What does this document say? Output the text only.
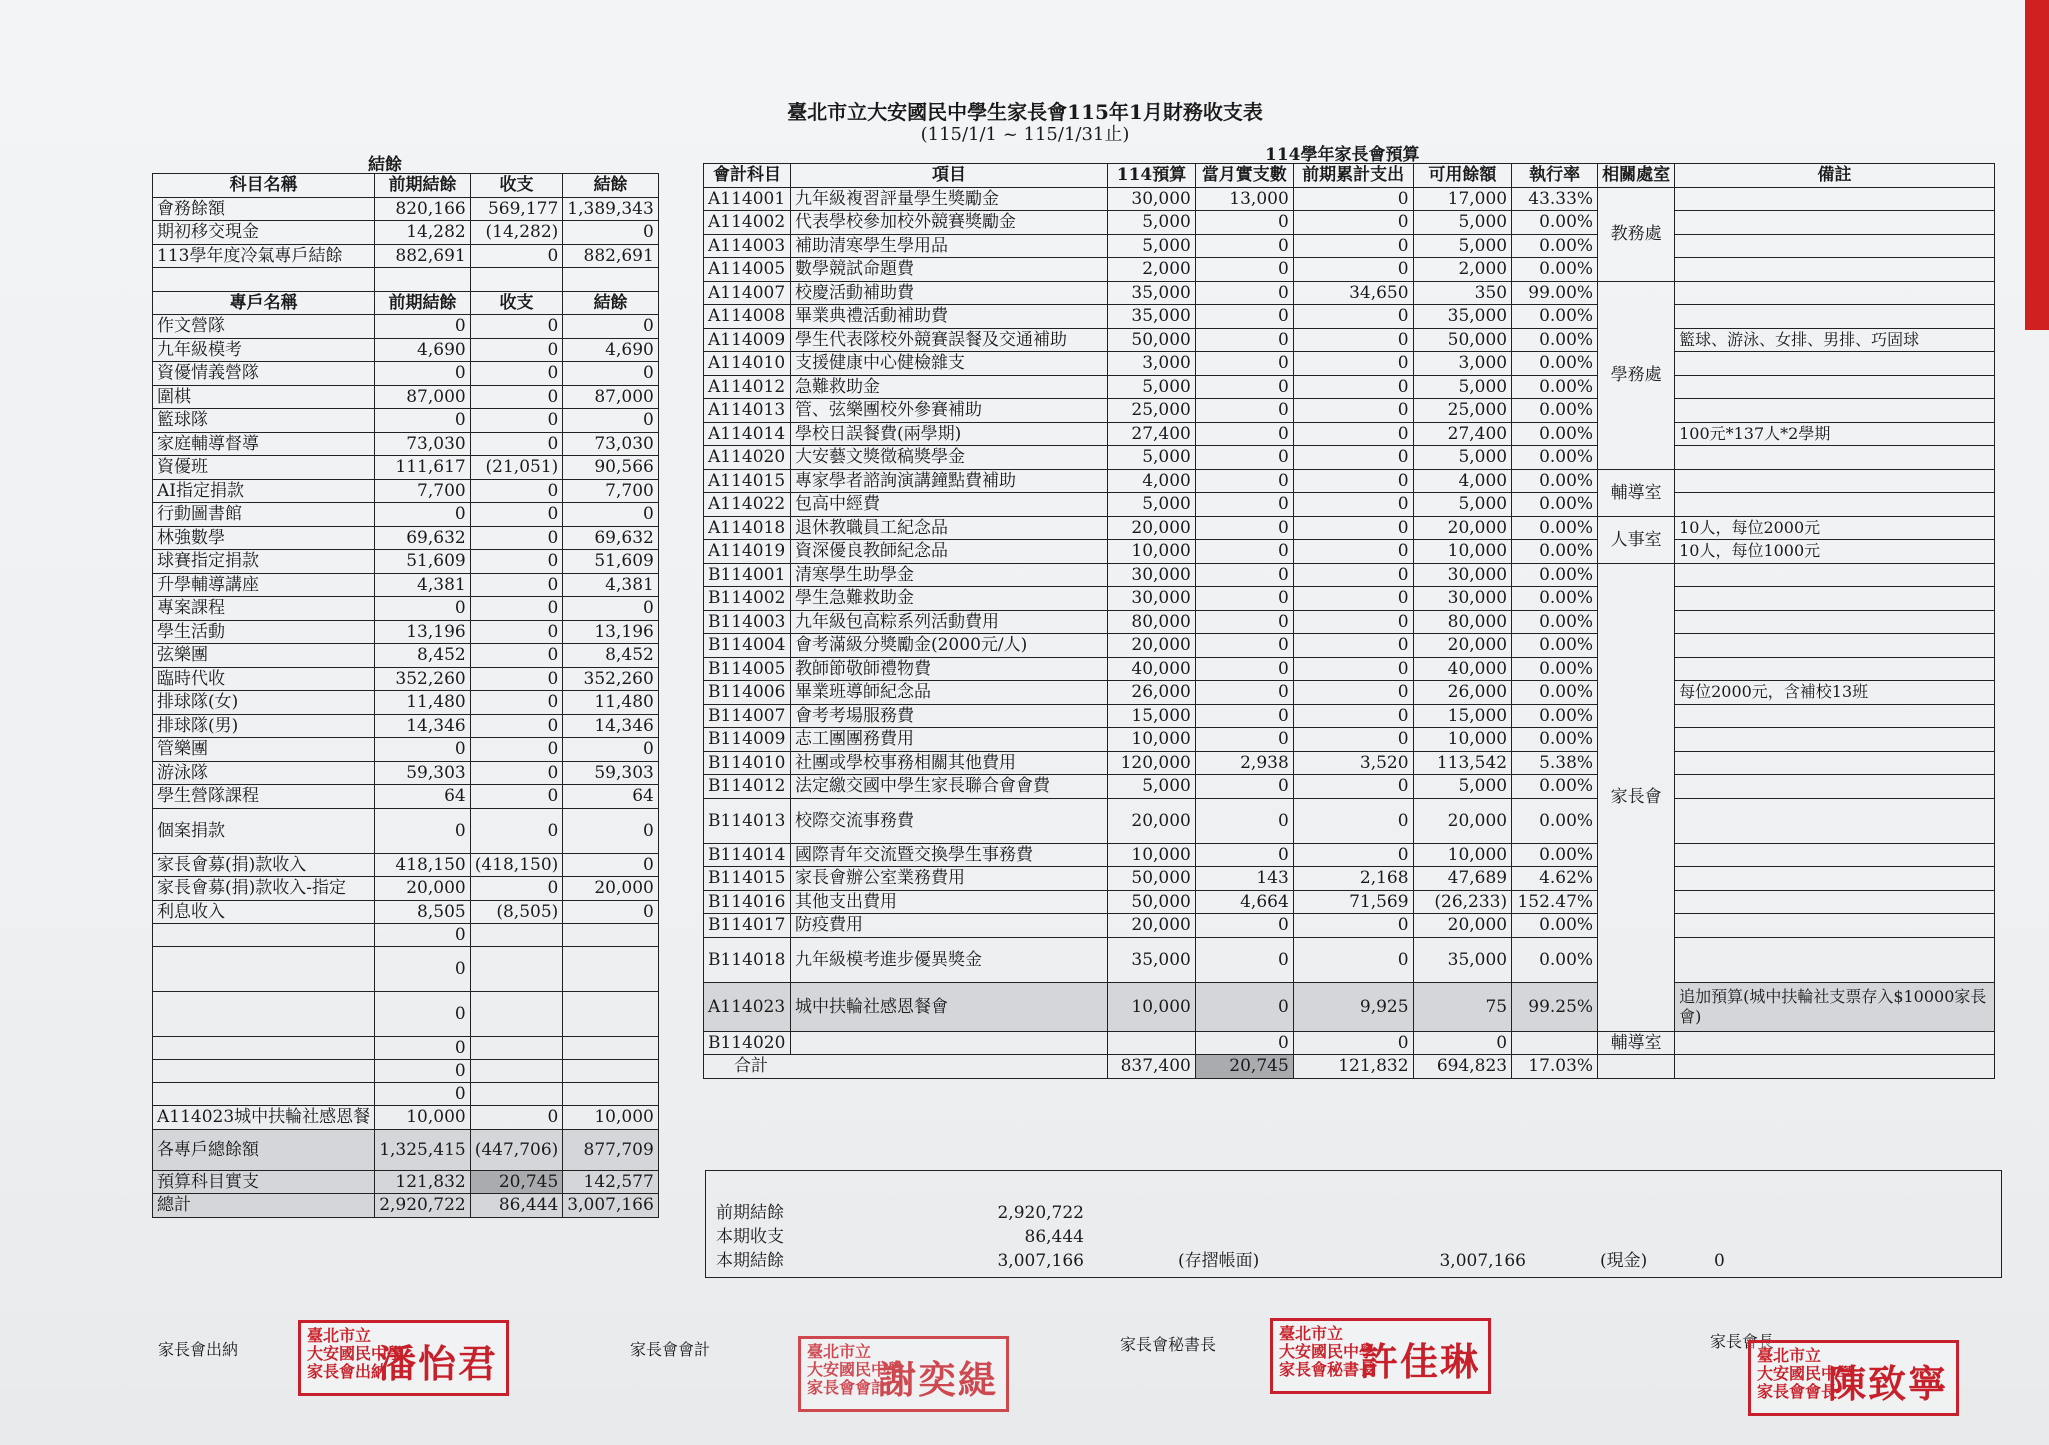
臺北市立大安國民中學生家長會115年1月財務收支表
(115/1/1 ~ 115/1/31止)
結餘
科目名稱	前期結餘	收支	結餘
會務餘額	820,166	569,177	1,389,343
期初移交現金	14,282	(14,282)	0
113學年度冷氣專戶結餘	882,691	0	882,691

專戶名稱	前期結餘	收支	結餘
作文營隊	0	0	0
九年級模考	4,690	0	4,690
資優情義營隊	0	0	0
圍棋	87,000	0	87,000
籃球隊	0	0	0
家庭輔導督導	73,030	0	73,030
資優班	111,617	(21,051)	90,566
AI指定捐款	7,700	0	7,700
行動圖書館	0	0	0
林強數學	69,632	0	69,632
球賽指定捐款	51,609	0	51,609
升學輔導講座	4,381	0	4,381
專案課程	0	0	0
學生活動	13,196	0	13,196
弦樂團	8,452	0	8,452
臨時代收	352,260	0	352,260
排球隊(女)	11,480	0	11,480
排球隊(男)	14,346	0	14,346
管樂團	0	0	0
游泳隊	59,303	0	59,303
學生營隊課程	64	0	64
個案捐款	0	0	0
家長會募(捐)款收入	418,150	(418,150)	0
家長會募(捐)款收入-指定	20,000	0	20,000
利息收入	8,505	(8,505)	0
	0		
	0		
	0		
	0		
	0		
	0		
A114023城中扶輪社感恩餐	10,000	0	10,000
各專戶總餘額	1,325,415	(447,706)	877,709
預算科目實支	121,832	20,745	142,577
總計	2,920,722	86,444	3,007,166
114學年家長會預算
會計科目	項目	114預算	當月實支數	前期累計支出	可用餘額	執行率	相關處室	備註
A114001	九年級複習評量學生獎勵金	30,000	13,000	0	17,000	43.33%	教務處	
A114002	代表學校參加校外競賽獎勵金	5,000	0	0	5,000	0.00%		
A114003	補助清寒學生學用品	5,000	0	0	5,000	0.00%		
A114005	數學競試命題費	2,000	0	0	2,000	0.00%		
A114007	校慶活動補助費	35,000	0	34,650	350	99.00%	學務處	
A114008	畢業典禮活動補助費	35,000	0	0	35,000	0.00%		
A114009	學生代表隊校外競賽誤餐及交通補助	50,000	0	0	50,000	0.00%		籃球、游泳、女排、男排、巧固球
A114010	支援健康中心健檢雜支	3,000	0	0	3,000	0.00%		
A114012	急難救助金	5,000	0	0	5,000	0.00%		
A114013	管、弦樂團校外參賽補助	25,000	0	0	25,000	0.00%		
A114014	學校日誤餐費(兩學期)	27,400	0	0	27,400	0.00%		100元*137人*2學期
A114020	大安藝文獎徵稿獎學金	5,000	0	0	5,000	0.00%		
A114015	專家學者諮詢演講鐘點費補助	4,000	0	0	4,000	0.00%	輔導室	
A114022	包高中經費	5,000	0	0	5,000	0.00%		
A114018	退休教職員工紀念品	20,000	0	0	20,000	0.00%	人事室	10人，每位2000元
A114019	資深優良教師紀念品	10,000	0	0	10,000	0.00%		10人，每位1000元
B114001	清寒學生助學金	30,000	0	0	30,000	0.00%	家長會	
B114002	學生急難救助金	30,000	0	0	30,000	0.00%		
B114003	九年級包高粽系列活動費用	80,000	0	0	80,000	0.00%		
B114004	會考滿級分獎勵金(2000元/人)	20,000	0	0	20,000	0.00%		
B114005	教師節敬師禮物費	40,000	0	0	40,000	0.00%		
B114006	畢業班導師紀念品	26,000	0	0	26,000	0.00%		每位2000元，含補校13班
B114007	會考考場服務費	15,000	0	0	15,000	0.00%		
B114009	志工團團務費用	10,000	0	0	10,000	0.00%		
B114010	社團或學校事務相關其他費用	120,000	2,938	3,520	113,542	5.38%		
B114012	法定繳交國中學生家長聯合會會費	5,000	0	0	5,000	0.00%		
B114013	校際交流事務費	20,000	0	0	20,000	0.00%		
B114014	國際青年交流暨交換學生事務費	10,000	0	0	10,000	0.00%		
B114015	家長會辦公室業務費用	50,000	143	2,168	47,689	4.62%		
B114016	其他支出費用	50,000	4,664	71,569	(26,233)	152.47%		
B114017	防疫費用	20,000	0	0	20,000	0.00%		
B114018	九年級模考進步優異獎金	35,000	0	0	35,000	0.00%		
A114023	城中扶輪社感恩餐會	10,000	0	9,925	75	99.25%		追加預算(城中扶輪社支票存入$10000家長會)
B114020			0	0	0		輔導室	
合計		837,400	20,745	121,832	694,823	17.03%		
前期結餘	2,920,722				
本期收支	86,444				
本期結餘	3,007,166	(存摺帳面)	3,007,166	(現金)	0
家長會出納
臺北市立
大安國民中學
家長會出納
潘怡君	家長會會計	臺北市立
大安國民中學
家長會會計
謝奕緹
家長會秘書長
臺北市立
大安國民中學
家長會秘書長
許佳琳	家長會長
臺北市立
大安國民中學
家長會會長
陳致寧
